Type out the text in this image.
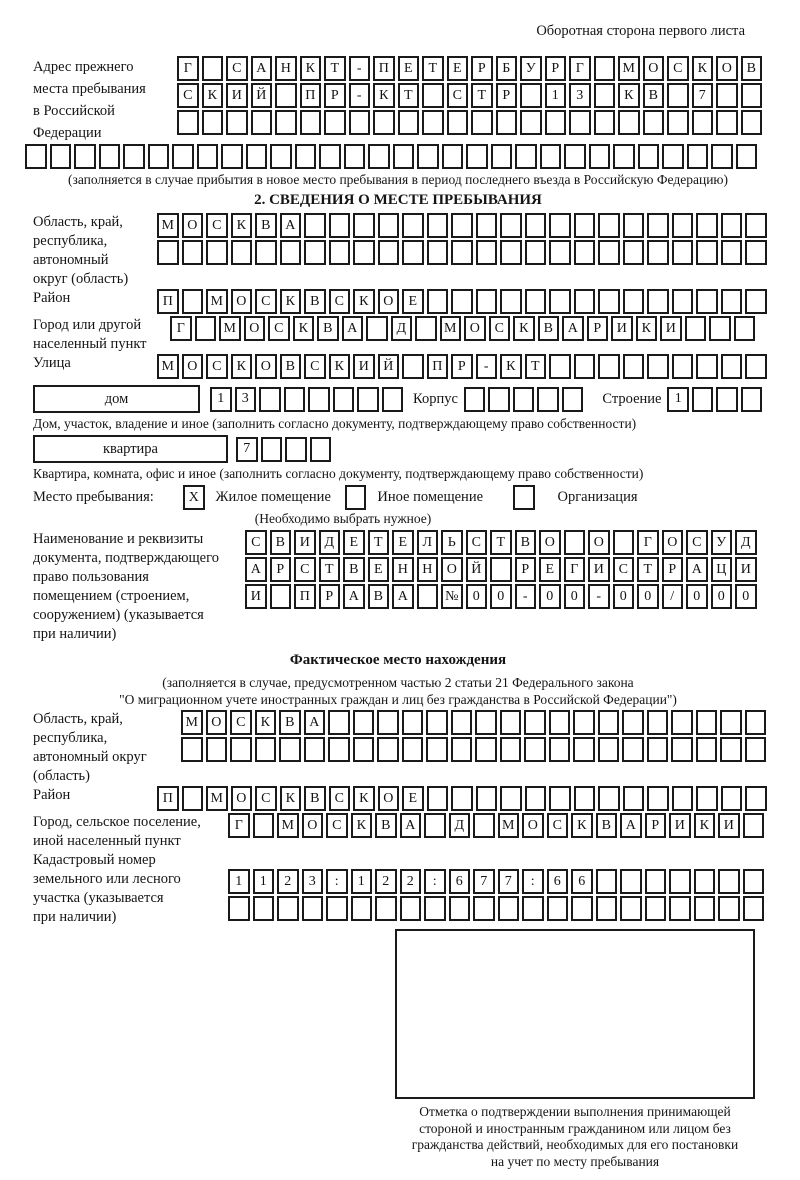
Оборотная сторона первого листа
Адрес прежнего
места пребывания
в Российской
Федерации
Г	С	А	Н	К	Т	-	П	Е	Т	Е	Р	Б	У	Р	Г	М О	С	К	О	В
С	К	И	Й	П	Р	-	К	Т	С	Т	Р	1	3	К	В	7
(заполняется в случае прибытия в новое место пребывания в период последнего въезда в Российскую Федерацию)
2. СВЕДЕНИЯ О МЕСТЕ ПРЕБЫВАНИЯ
Область, край,
республика,
автономный
округ (область)
М О	С	К	В	А
Район	П	М О	С	К	В	С	К	О	Е
Город или другой
населенный пункт
Г	М О	С	К	В	А	Д	М О	С	К	В	А	Р	И	К	И
Улица	М О	С	К	О	В	С	К	И	Й	П	Р	-	К	Т
дом	1	3	Корпус	Строение 1
Дом, участок, владение и иное (заполнить согласно документу, подтверждающему право собственности)
квартира	7
Квартира, комната, офис и иное (заполнить согласно документу, подтверждающему право собственности)
Место пребывания:	X	Жилое помещение	Иное помещение	Организация
(Необходимо выбрать нужное)
Наименование и реквизиты
документа, подтверждающего
право пользования
помещением (строением,
сооружением) (указывается
при наличии)
С	В	И	Д	Е	Т	Е	Л	Ь	С	Т	В	О	О	Г	О	С	У	Д
А	Р	С	Т	В	Е	Н	Н	О	Й	Р	Е	Г	И	С	Т	Р	А	Ц	И
И	П	Р	А	В	А	№	0	0	-	0	0	-	0	0	/	0	0	0
Фактическое место нахождения
(заполняется в случае, предусмотренном частью 2 статьи 21 Федерального закона
"О миграционном учете иностранных граждан и лиц без гражданства в Российской Федерации")
Область, край,
республика,
автономный округ
(область)
М О	С	К	В	А
Район	П	М О	С	К	В	С	К	О	Е
Город, сельское поселение,
иной населенный пункт
Г	М О	С	К	В	А	Д	М О	С	К	В	А	Р	И	К	И
Кадастровый номер
земельного или лесного
участка (указывается
при наличии)
1	1	2	3	:	1	2	2	:	6	7	7	:	6	6
Отметка о подтверждении выполнения принимающей
стороной и иностранным гражданином или лицом без
гражданства действий, необходимых для его постановки
на учет по месту пребывания
